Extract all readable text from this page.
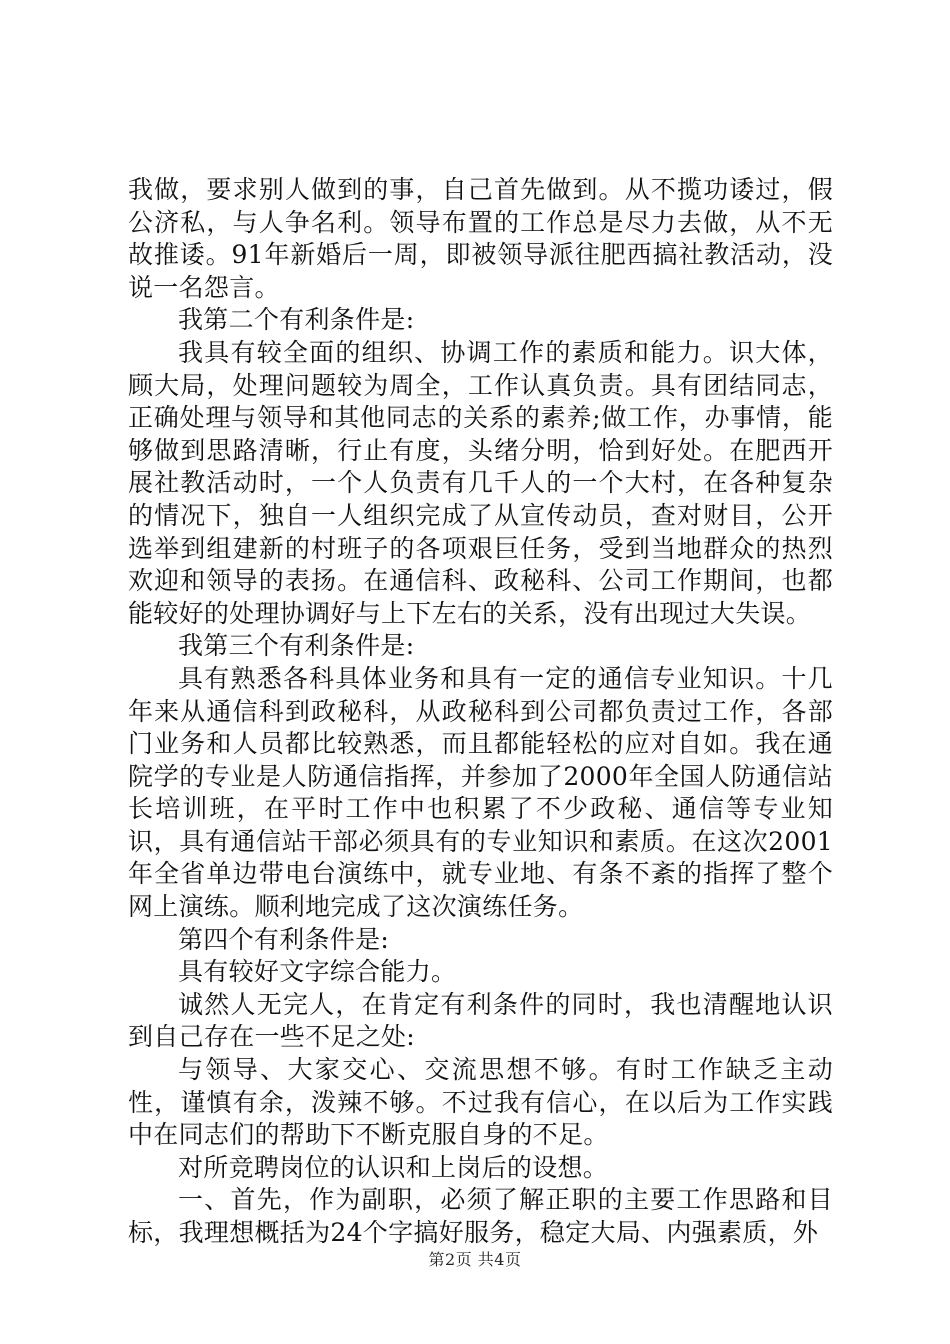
我做，要求别人做到的事，自己首先做到。从不揽功诿过，假公济私，与人争名利。领导布置的工作总是尽力去做，从不无故推诿。91年新婚后一周，即被领导派往肥西搞社教活动，没说一名怨言。

我第二个有利条件是:

我具有较全面的组织、协调工作的素质和能力。识大体，顾大局，处理问题较为周全，工作认真负责。具有团结同志，正确处理与领导和其他同志的关系的素养;做工作，办事情，能够做到思路清晰，行止有度，头绪分明，恰到好处。在肥西开展社教活动时，一个人负责有几千人的一个大村，在各种复杂的情况下，独自一人组织完成了从宣传动员，查对财目，公开选举到组建新的村班子的各项艰巨任务，受到当地群众的热烈欢迎和领导的表扬。在通信科、政秘科、公司工作期间，也都能较好的处理协调好与上下左右的关系，没有出现过大失误。

我第三个有利条件是:

具有熟悉各科具体业务和具有一定的通信专业知识。十几年来从通信科到政秘科，从政秘科到公司都负责过工作，各部门业务和人员都比较熟悉，而且都能轻松的应对自如。我在通院学的专业是人防通信指挥，并参加了2000年全国人防通信站长培训班，在平时工作中也积累了不少政秘、通信等专业知识，具有通信站干部必须具有的专业知识和素质。在这次2001年全省单边带电台演练中，就专业地、有条不紊的指挥了整个网上演练。顺利地完成了这次演练任务。

第四个有利条件是:

具有较好文字综合能力。

诚然人无完人，在肯定有利条件的同时，我也清醒地认识到自己存在一些不足之处:

与领导、大家交心、交流思想不够。有时工作缺乏主动性，谨慎有余，泼辣不够。不过我有信心，在以后为工作实践中在同志们的帮助下不断克服自身的不足。

对所竞聘岗位的认识和上岗后的设想。

一、首先，作为副职，必须了解正职的主要工作思路和目标，我理想概括为24个字搞好服务，稳定大局、内强素质，外

第2页 共4页
